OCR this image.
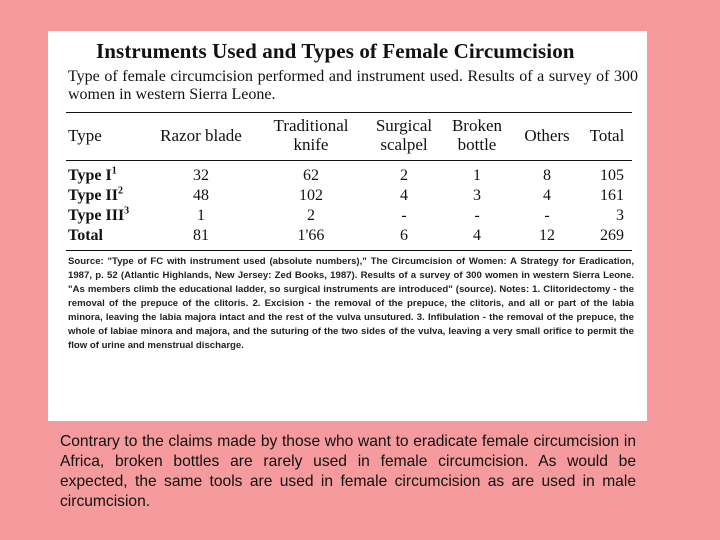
Instruments Used and Types of Female Circumcision
Type of female circumcision performed and instrument used. Results of a survey of 300 women in western Sierra Leone.
Type	Razor blade	Traditional knife	Surgical scalpel	Broken bottle	Others	Total

Type $I^1$	32	62	2	1	8	105
Type $II^2$	48	102	4	3	4	161
Type III$^3$	1	2	-	-	-	3
Total	81	1'66	6	4	12	269
Source: "Type of FC with instrument used (absolute numbers)," The Circumcision of Women: A Strategy for Eradication, 1987, p. 52 (Atlantic Highlands, New Jersey: Zed Books, 1987). Results of a survey of 300 women in western Sierra Leone. "As members climb the educational ladder, so surgical instruments are introduced" (source). Notes: 1. Clitoridectomy - the removal of the prepuce of the clitoris. 2. Excision - the removal of the prepuce, the clitoris, and all or part of the labia minora, leaving the labia majora intact and the rest of the vulva unsutured. 3. Infibulation - the removal of the prepuce, the whole of labiae minora and majora, and the suturing of the two sides of the vulva, leaving a very small orifice to permit the flow of urine and menstrual discharge.

Contrary to the claims made by those who want to eradicate female circumcision in Africa, broken bottles are rarely used in female circumcision. As would be expected, the same tools are used in female circumcision as are used in male circumcision.
